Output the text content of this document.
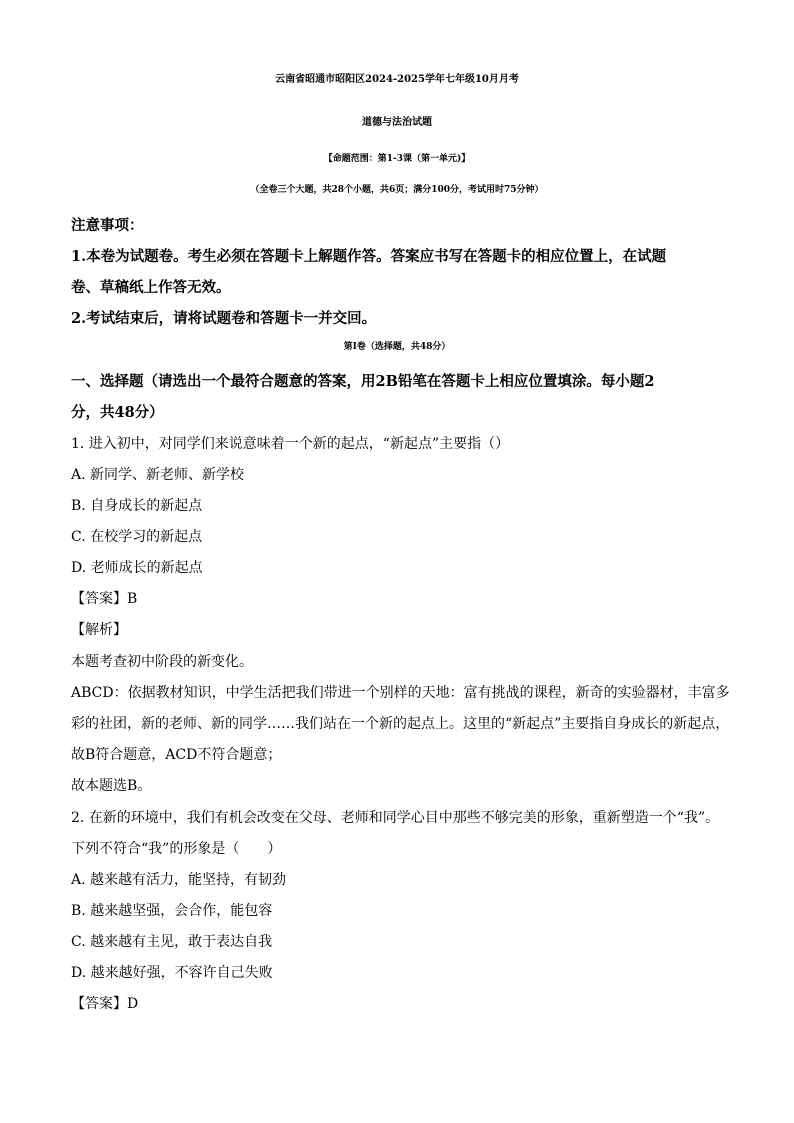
云南省昭通市昭阳区2024-2025学年七年级10月月考
道德与法治试题
【命题范围：第1-3课（第一单元)】
（全卷三个大题，共28个小题，共6页；满分100分，考试用时75分钟）
注意事项：
1.本卷为试题卷。考生必须在答题卡上解题作答。答案应书写在答题卡的相应位置上，在试题
卷、草稿纸上作答无效。
2.考试结束后，请将试题卷和答题卡一并交回。
第Ⅰ卷（选择题，共48分）
一、选择题（请选出一个最符合题意的答案，用2B铅笔在答题卡上相应位置填涂。每小题2
分，共48分）
1. 进入初中，对同学们来说意味着一个新的起点，“新起点”主要指（）
A. 新同学、新老师、新学校
B. 自身成长的新起点
C. 在校学习的新起点
D. 老师成长的新起点
【答案】B
【解析】
本题考查初中阶段的新变化。
ABCD：依据教材知识，中学生活把我们带进一个别样的天地：富有挑战的课程，新奇的实验器材，丰富多
彩的社团，新的老师、新的同学……我们站在一个新的起点上。这里的“新起点”主要指自身成长的新起点，
故B符合题意，ACD不符合题意；
故本题选B。
2. 在新的环境中，我们有机会改变在父母、老师和同学心目中那些不够完美的形象，重新塑造一个“我”。
下列不符合“我”的形象是（　　）
A. 越来越有活力，能坚持，有韧劲
B. 越来越坚强，会合作，能包容
C. 越来越有主见，敢于表达自我
D. 越来越好强，不容许自己失败
【答案】D
